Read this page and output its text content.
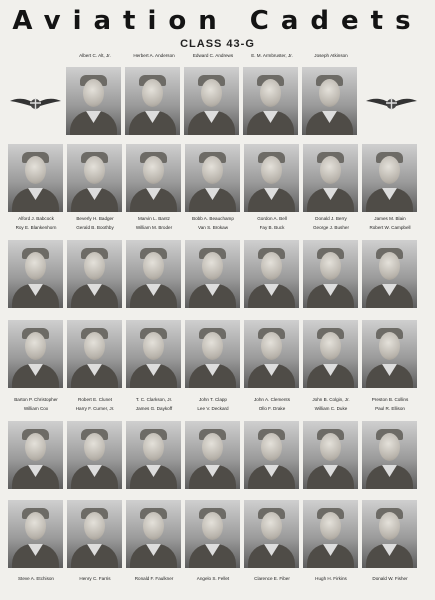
Aviation Cadets
CLASS 43-G
Albert C. Alt, Jr.	Herbert A. Anderson	Edward C. Andrews	E. M. Armbruster, Jr.	Joseph Atkinson
Alford J. Babcock	Beverly H. Badger	Marvin L. Bantz	Bobb A. Beauchamp	Gordon A. Bell	Donald J. Berry	James M. Blain
Roy E. Blankenhorn	Gerald B. Boothby	William M. Broder	Van S. Brokaw	Fay B. Buck	George J. Busher	Robert W. Campbell
Barton P. Christopher	Robert E. Clunet	T. C. Clarkson, Jr.	John T. Clapp	John A. Clements	John B. Colgin, Jr.	Preston B. Collins
William Cox	Harry F. Curner, Jr.	James G. Daykoff	Lee V. Deckard	Ollo F. Drake	William C. Duke	Paul R. Ellison
Steve A. Etchison	Henry C. Farris	Ronald F. Faulkner	Angelo S. Fellet	Clarence E. Fiber	Hugh H. Firkins	Donald W. Fisher
